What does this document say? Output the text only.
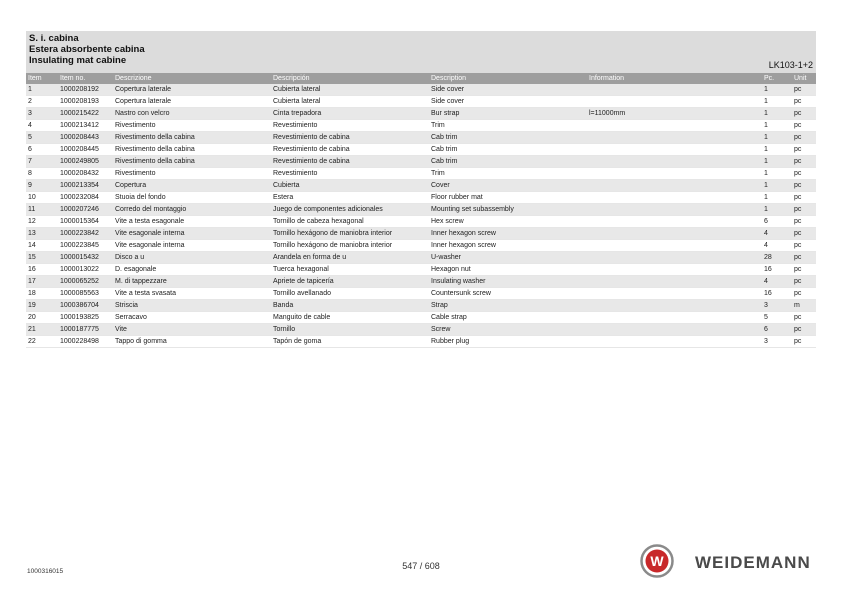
S. i. cabina
Estera absorbente cabina
Insulating mat cabine	LK103-1+2
Item	Item no.	Descrizione	Descripción	Description	Information	Pc.	Unit
1	1000208192	Copertura laterale	Cubierta lateral	Side cover		1	pc
2	1000208193	Copertura laterale	Cubierta lateral	Side cover		1	pc
3	1000215422	Nastro con velcro	Cinta trepadora	Bur strap	l=11000mm	1	pc
4	1000213412	Rivestimento	Revestimiento	Trim		1	pc
5	1000208443	Rivestimento della cabina	Revestimiento de cabina	Cab trim		1	pc
6	1000208445	Rivestimento della cabina	Revestimiento de cabina	Cab trim		1	pc
7	1000249805	Rivestimento della cabina	Revestimiento de cabina	Cab trim		1	pc
8	1000208432	Rivestimento	Revestimiento	Trim		1	pc
9	1000213354	Copertura	Cubierta	Cover		1	pc
10	1000232084	Stuoia del fondo	Estera	Floor rubber mat		1	pc
11	1000207246	Corredo del montaggio	Juego de componentes adicionales	Mounting set subassembly		1	pc
12	1000015364	Vite a testa esagonale	Tornillo de cabeza hexagonal	Hex screw		6	pc
13	1000223842	Vite esagonale interna	Tornillo hexágono de maniobra interior	Inner hexagon screw		4	pc
14	1000223845	Vite esagonale interna	Tornillo hexágono de maniobra interior	Inner hexagon screw		4	pc
15	1000015432	Disco a u	Arandela en forma de u	U-washer		28	pc
16	1000013022	D. esagonale	Tuerca hexagonal	Hexagon nut		16	pc
17	1000065252	M. di tappezzare	Apriete de tapicería	Insulating washer		4	pc
18	1000085563	Vite a testa svasata	Tornillo avellanado	Countersunk screw		16	pc
19	1000386704	Striscia	Banda	Strap		3	m
20	1000193825	Serracavo	Manguito de cable	Cable strap		5	pc
21	1000187775	Vite	Tornillo	Screw		6	pc
22	1000228498	Tappo di gomma	Tapón de goma	Rubber plug		3	pc
1000316015
547 / 608	W WEIDEMANN
